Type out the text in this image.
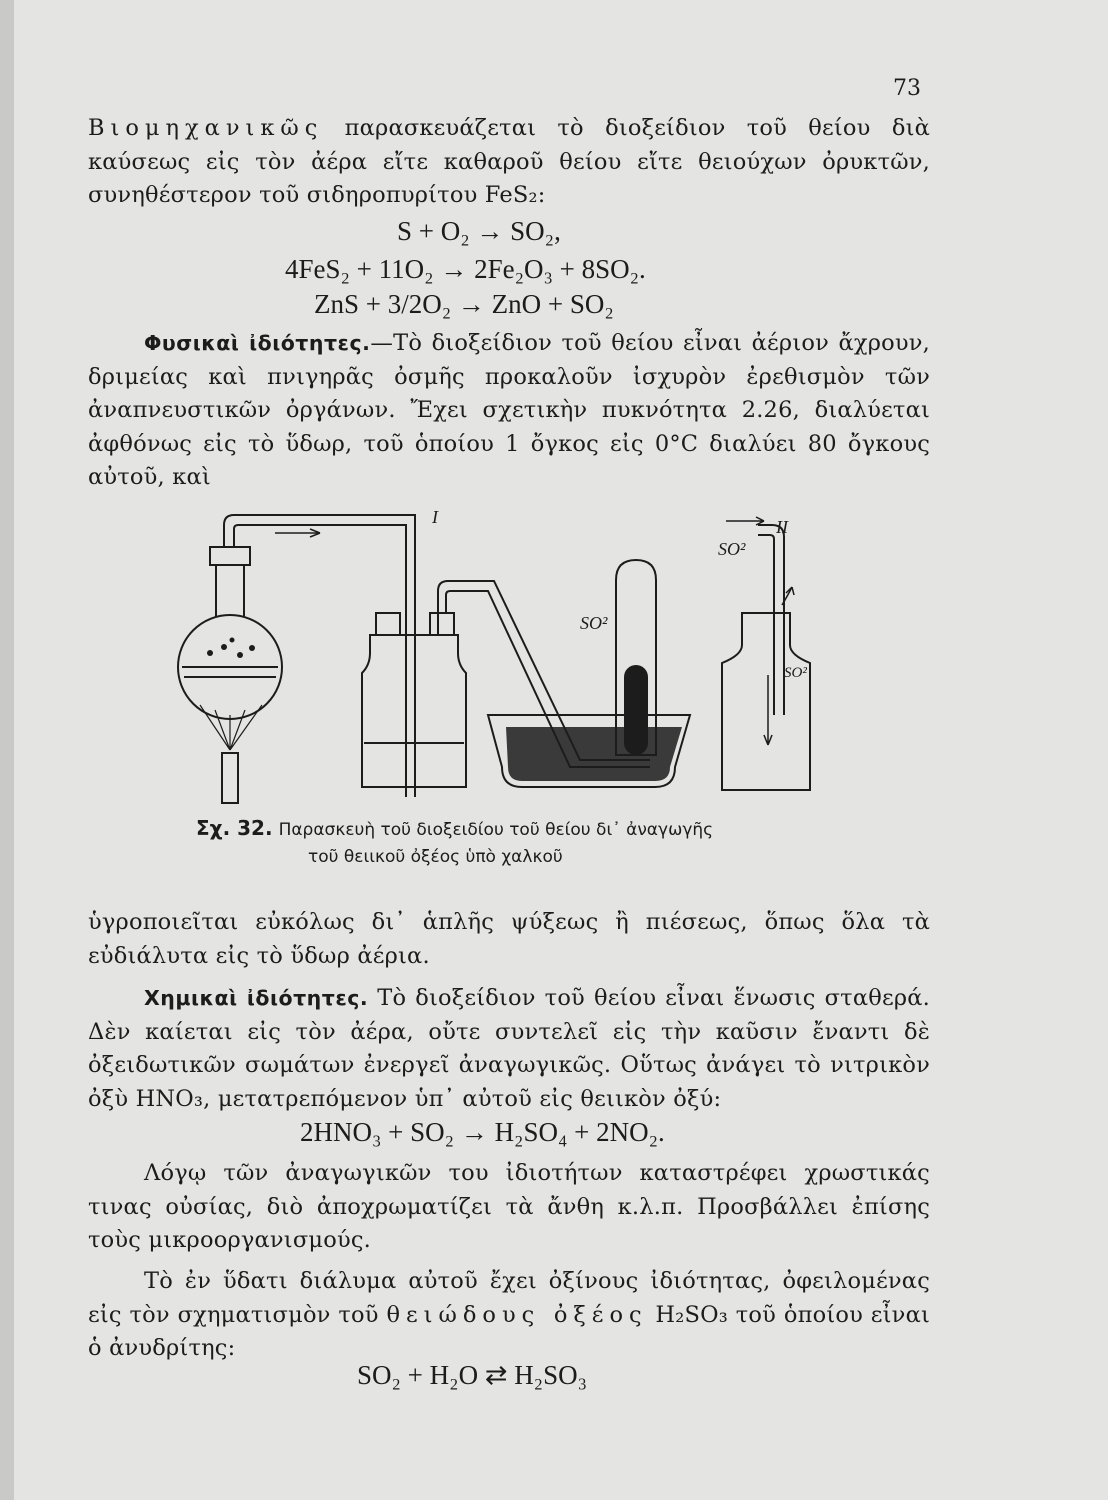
73
Βιομηχανικῶς παρασκευάζεται τὸ διοξείδιον τοῦ θείου διὰ καύσεως εἰς τὸν ἀέρα εἴτε καθαροῦ θείου εἴτε θειούχων ὀρυκτῶν, συνηθέστερον τοῦ σιδηροπυρίτου FeS₂:
S + O₂ → SO₂,
4FeS₂ + 11O₂ → 2Fe₂O₃ + 8SO₂.
ZnS + 3/2O₂ → ZnO + SO₂
Φυσικαὶ ἰδιότητες.—Τὸ διοξείδιον τοῦ θείου εἶναι ἀέριον ἄχρουν, δριμείας καὶ πνιγηρᾶς ὀσμῆς προκαλοῦν ἰσχυρὸν ἐρεθισμὸν τῶν ἀναπνευστικῶν ὀργάνων. Ἔχει σχετικὴν πυκνότητα 2.26, διαλύεται ἀφθόνως εἰς τὸ ὕδωρ, τοῦ ὁποίου 1 ὄγκος εἰς 0°C διαλύει 80 ὄγκους αὐτοῦ, καὶ
I	II
SO²
SO²
SO²
Σχ. 32. Παρασκευὴ τοῦ διοξειδίου τοῦ θείου δι᾽ ἀναγωγῆς
τοῦ θειικοῦ ὀξέος ὑπὸ χαλκοῦ
ὑγροποιεῖται εὐκόλως δι᾽ ἁπλῆς ψύξεως ἢ πιέσεως, ὅπως ὅλα τὰ εὐδιάλυτα εἰς τὸ ὕδωρ ἀέρια.
Χημικαὶ ἰδιότητες. Τὸ διοξείδιον τοῦ θείου εἶναι ἕνωσις σταθερά. Δὲν καίεται εἰς τὸν ἀέρα, οὔτε συντελεῖ εἰς τὴν καῦσιν ἔναντι δὲ ὀξειδωτικῶν σωμάτων ἐνεργεῖ ἀναγωγικῶς. Οὕτως ἀνάγει τὸ νιτρικὸν ὀξὺ HNO₃, μετατρεπόμενον ὑπ᾽ αὐτοῦ εἰς θειικὸν ὀξύ:
2HNO₃ + SO₂ → H₂SO₄ + 2NO₂.
Λόγῳ τῶν ἀναγωγικῶν του ἰδιοτήτων καταστρέφει χρωστικάς τινας οὐσίας, διὸ ἀποχρωματίζει τὰ ἄνθη κ.λ.π. Προσβάλλει ἐπίσης τοὺς μικροοργανισμούς.
Τὸ ἐν ὕδατι διάλυμα αὐτοῦ ἔχει ὀξίνους ἰδιότητας, ὀφειλομένας εἰς τὸν σχηματισμὸν τοῦ θειώδους ὀξέος H₂SO₃ τοῦ ὁποίου εἶναι ὁ ἀνυδρίτης:
SO₂ + H₂O ⇄ H₂SO₃
